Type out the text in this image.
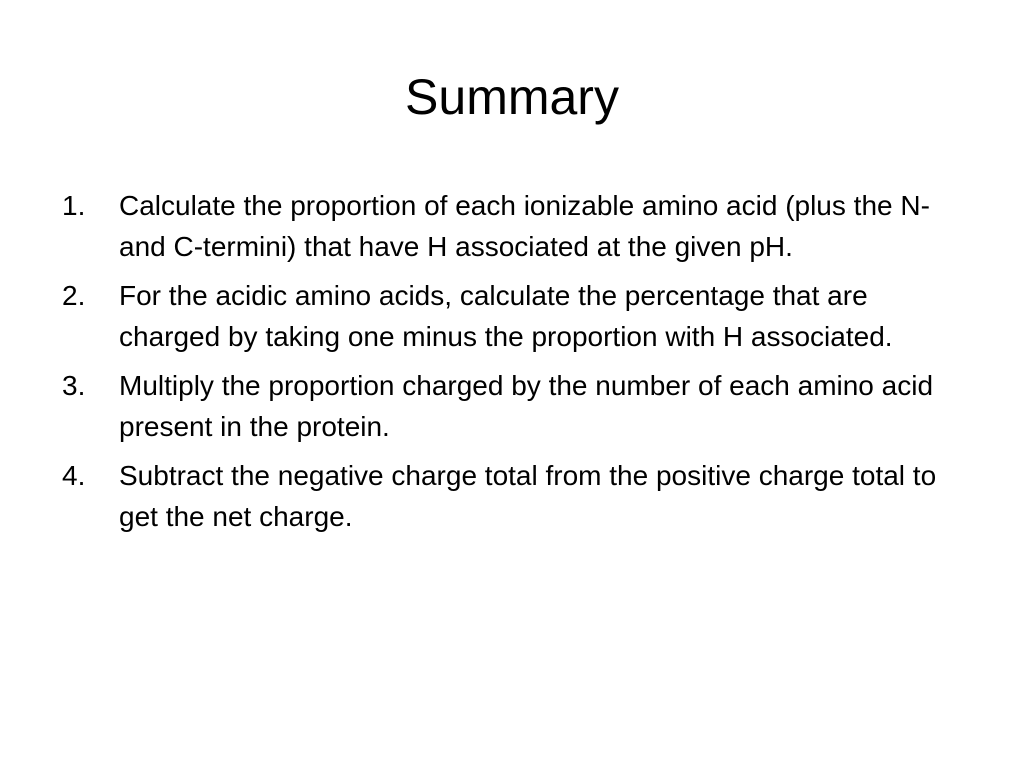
Summary
1. Calculate the proportion of each ionizable amino acid (plus the N- and C-termini) that have H associated at the given pH.
2. For the acidic amino acids, calculate the percentage that are charged by taking one minus the proportion with H associated.
3. Multiply the proportion charged by the number of each amino acid present in the protein.
4. Subtract the negative charge total from the positive charge total to get the net charge.
